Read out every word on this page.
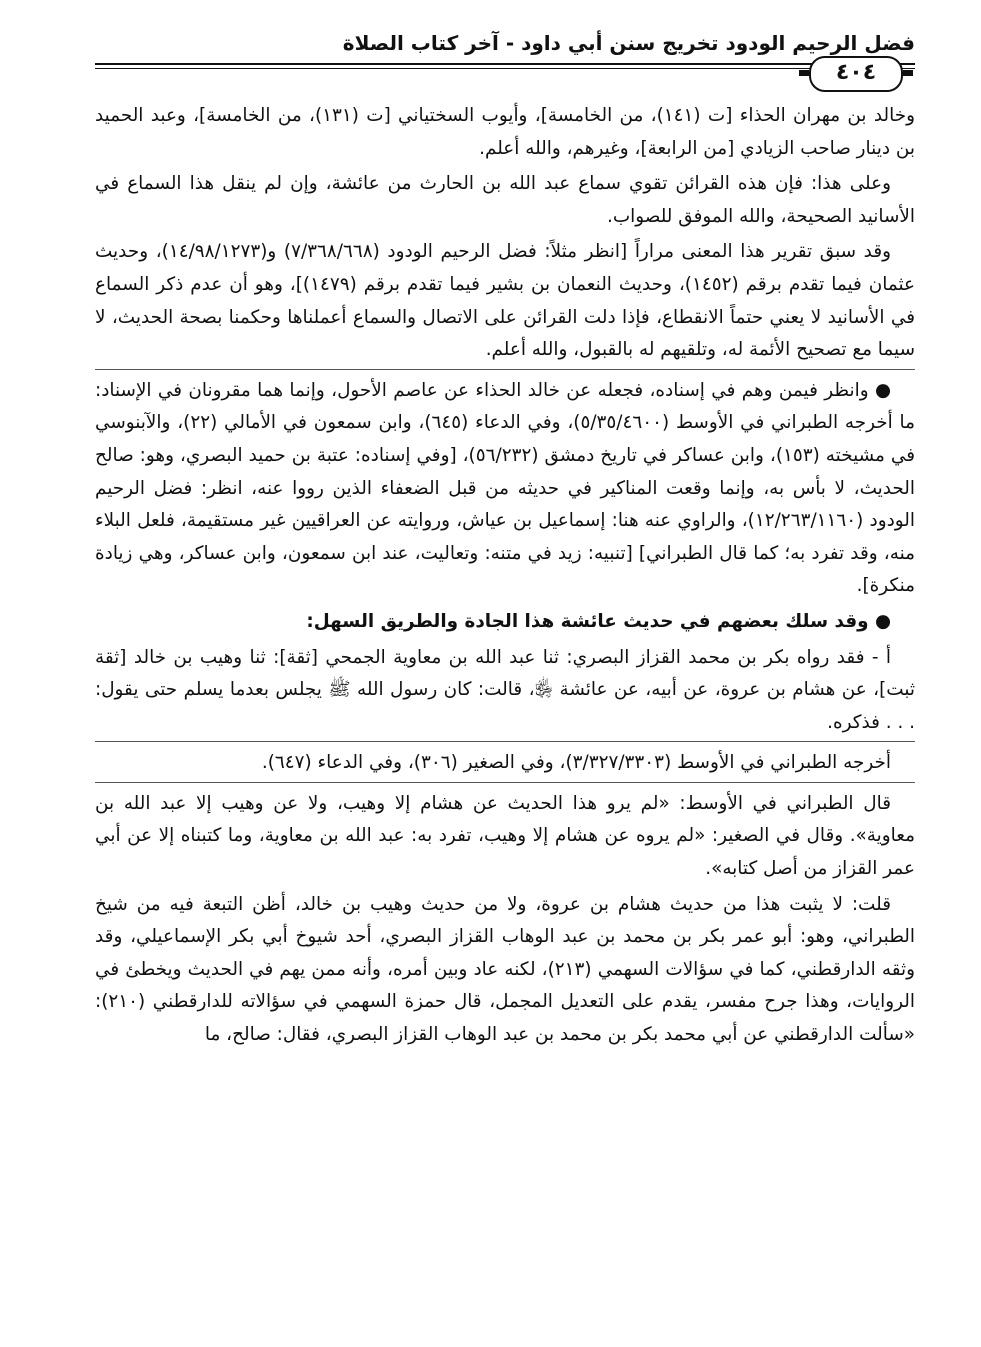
فضل الرحيم الودود تخريج سنن أبي داود - آخر كتاب الصلاة
٤٠٤

وخالد بن مهران الحذاء [ت (١٤١)، من الخامسة]، وأيوب السختياني [ت (١٣١)، من الخامسة]، وعبد الحميد بن دينار صاحب الزيادي [من الرابعة]، وغيرهم، والله أعلم.

وعلى هذا: فإن هذه القرائن تقوي سماع عبد الله بن الحارث من عائشة، وإن لم ينقل هذا السماع في الأسانيد الصحيحة، والله الموفق للصواب.

وقد سبق تقرير هذا المعنى مراراً [انظر مثلاً: فضل الرحيم الودود (٧/٣٦٨/٦٦٨) و(١٤/٩٨/١٢٧٣)، وحديث عثمان فيما تقدم برقم (١٤٥٢)، وحديث النعمان بن بشير فيما تقدم برقم (١٤٧٩)]، وهو أن عدم ذكر السماع في الأسانيد لا يعني حتماً الانقطاع، فإذا دلت القرائن على الاتصال والسماع أعملناها وحكمنا بصحة الحديث، لا سيما مع تصحيح الأئمة له، وتلقيهم له بالقبول، والله أعلم.

● وانظر فيمن وهم في إسناده، فجعله عن خالد الحذاء عن عاصم الأحول، وإنما هما مقرونان في الإسناد: ما أخرجه الطبراني في الأوسط (٥/٣٥/٤٦٠٠)، وفي الدعاء (٦٤٥)، وابن سمعون في الأمالي (٢٢)، والآبنوسي في مشيخته (١٥٣)، وابن عساكر في تاريخ دمشق (٥٦/٢٣٢)، [وفي إسناده: عتبة بن حميد البصري، وهو: صالح الحديث، لا بأس به، وإنما وقعت المناكير في حديثه من قبل الضعفاء الذين رووا عنه، انظر: فضل الرحيم الودود (١٢/٢٦٣/١١٦٠)، والراوي عنه هنا: إسماعيل بن عياش، وروايته عن العراقيين غير مستقيمة، فلعل البلاء منه، وقد تفرد به؛ كما قال الطبراني] [تنبيه: زيد في متنه: وتعاليت، عند ابن سمعون، وابن عساكر، وهي زيادة منكرة].

● وقد سلك بعضهم في حديث عائشة هذا الجادة والطريق السهل:

أ - فقد رواه بكر بن محمد القزاز البصري: ثنا عبد الله بن معاوية الجمحي [ثقة]: ثنا وهيب بن خالد [ثقة ثبت]، عن هشام بن عروة، عن أبيه، عن عائشة ﵂، قالت: كان رسول الله ﷺ يجلس بعدما يسلم حتى يقول: . . . فذكره.

أخرجه الطبراني في الأوسط (٣/٣٢٧/٣٣٠٣)، وفي الصغير (٣٠٦)، وفي الدعاء (٦٤٧).

قال الطبراني في الأوسط: «لم يرو هذا الحديث عن هشام إلا وهيب، ولا عن وهيب إلا عبد الله بن معاوية». وقال في الصغير: «لم يروه عن هشام إلا وهيب، تفرد به: عبد الله بن معاوية، وما كتبناه إلا عن أبي عمر القزاز من أصل كتابه».

قلت: لا يثبت هذا من حديث هشام بن عروة، ولا من حديث وهيب بن خالد، أظن التبعة فيه من شيخ الطبراني، وهو: أبو عمر بكر بن محمد بن عبد الوهاب القزاز البصري، أحد شيوخ أبي بكر الإسماعيلي، وقد وثقه الدارقطني، كما في سؤالات السهمي (٢١٣)، لكنه عاد وبين أمره، وأنه ممن يهم في الحديث ويخطئ في الروايات، وهذا جرح مفسر، يقدم على التعديل المجمل، قال حمزة السهمي في سؤالاته للدارقطني (٢١٠): «سألت الدارقطني عن أبي محمد بكر بن محمد بن عبد الوهاب القزاز البصري، فقال: صالح، ما
